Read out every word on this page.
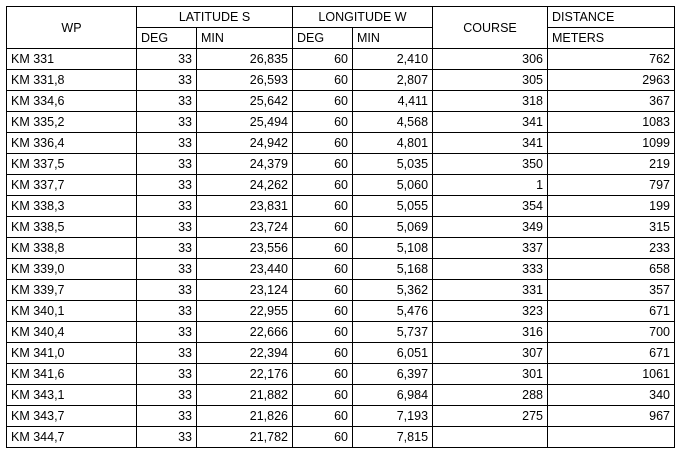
WP	LATITUDE S		LONGITUDE W		COURSE	DISTANCE
	DEG	MIN	DEG	MIN		METERS
KM 331	33	26,835	60	2,410	306	762
KM 331,8	33	26,593	60	2,807	305	2963
KM 334,6	33	25,642	60	4,411	318	367
KM 335,2	33	25,494	60	4,568	341	1083
KM 336,4	33	24,942	60	4,801	341	1099
KM 337,5	33	24,379	60	5,035	350	219
KM 337,7	33	24,262	60	5,060	1	797
KM 338,3	33	23,831	60	5,055	354	199
KM 338,5	33	23,724	60	5,069	349	315
KM 338,8	33	23,556	60	5,108	337	233
KM 339,0	33	23,440	60	5,168	333	658
KM 339,7	33	23,124	60	5,362	331	357
KM 340,1	33	22,955	60	5,476	323	671
KM 340,4	33	22,666	60	5,737	316	700
KM 341,0	33	22,394	60	6,051	307	671
KM 341,6	33	22,176	60	6,397	301	1061
KM 343,1	33	21,882	60	6,984	288	340
KM 343,7	33	21,826	60	7,193	275	967
KM 344,7	33	21,782	60	7,815		
